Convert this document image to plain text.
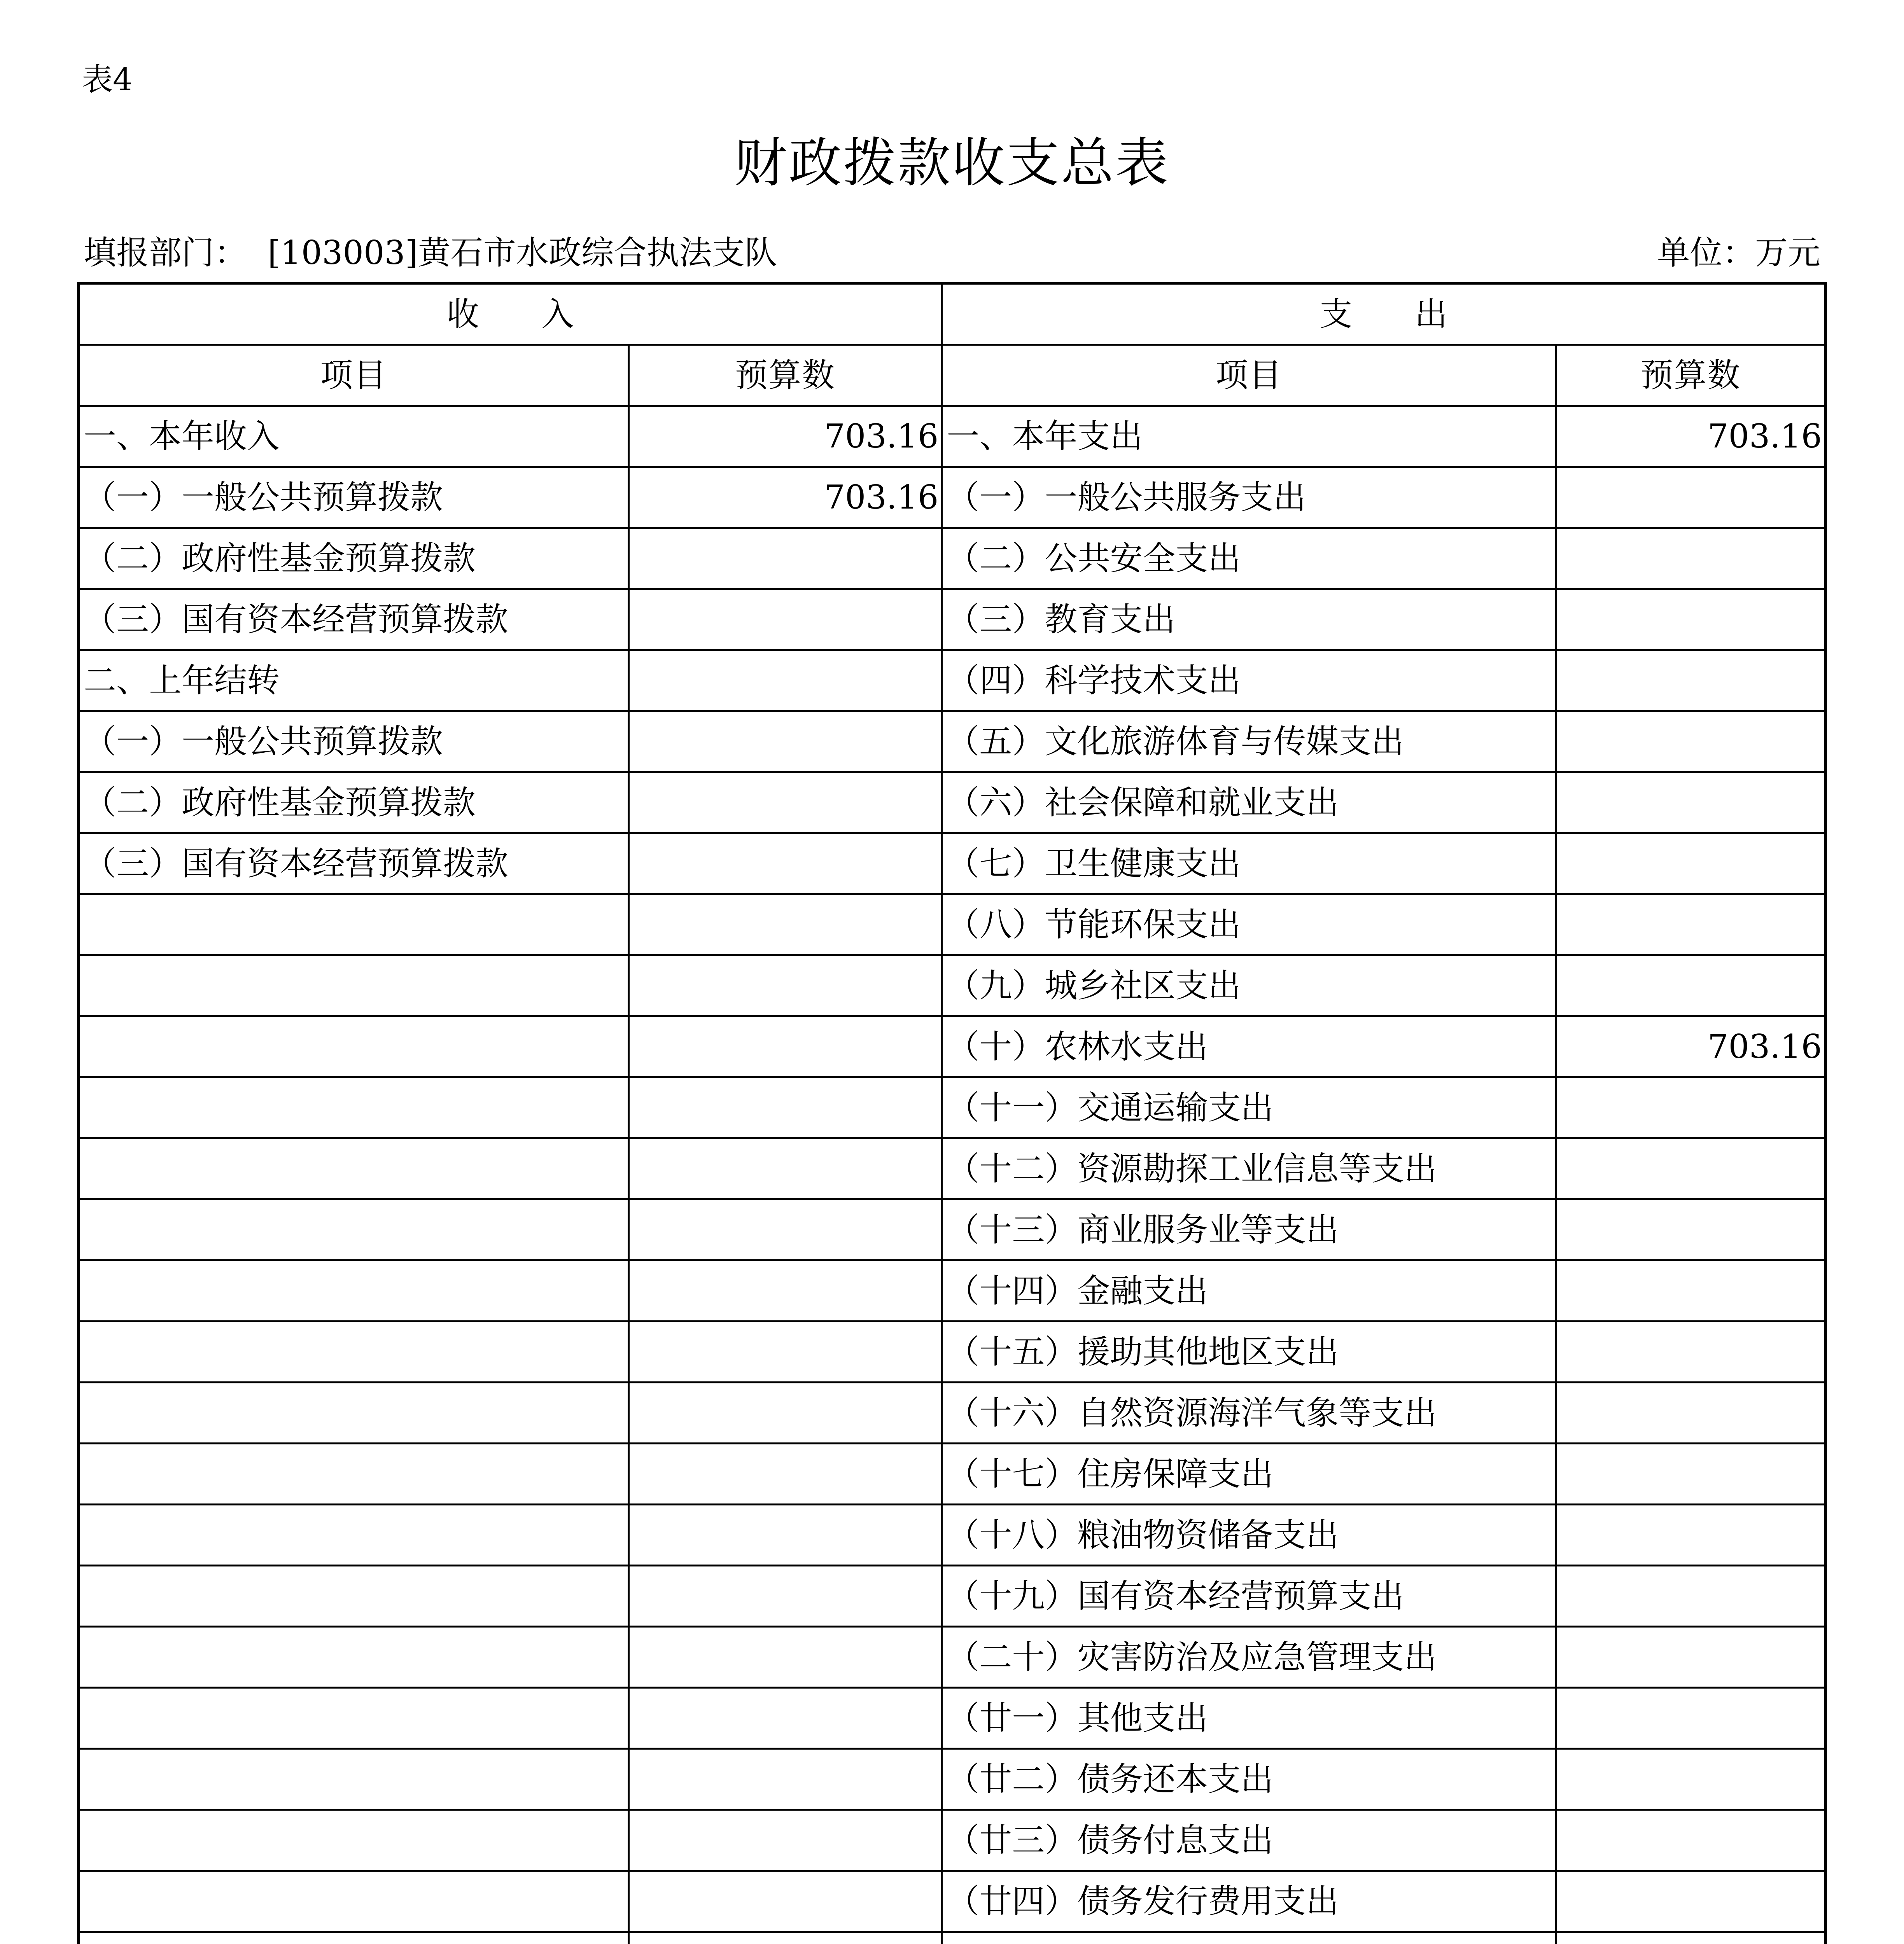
表4
财政拨款收支总表
填报部门：  [103003]黄石市水政综合执法支队	单位：万元
收      入		支      出	
项目	预算数	项目	预算数
一、本年收入	703.16	一、本年支出	703.16
（一）一般公共预算拨款	703.16	（一）一般公共服务支出	
（二）政府性基金预算拨款		（二）公共安全支出	
（三）国有资本经营预算拨款		（三）教育支出	
二、上年结转		（四）科学技术支出	
（一）一般公共预算拨款		（五）文化旅游体育与传媒支出	
（二）政府性基金预算拨款		（六）社会保障和就业支出	
（三）国有资本经营预算拨款		（七）卫生健康支出	
		（八）节能环保支出	
		（九）城乡社区支出	
		（十）农林水支出	703.16
		（十一）交通运输支出	
		（十二）资源勘探工业信息等支出	
		（十三）商业服务业等支出	
		（十四）金融支出	
		（十五）援助其他地区支出	
		（十六）自然资源海洋气象等支出	
		（十七）住房保障支出	
		（十八）粮油物资储备支出	
		（十九）国有资本经营预算支出	
		（二十）灾害防治及应急管理支出	
		（廿一）其他支出	
		（廿二）债务还本支出	
		（廿三）债务付息支出	
		（廿四）债务发行费用支出	
